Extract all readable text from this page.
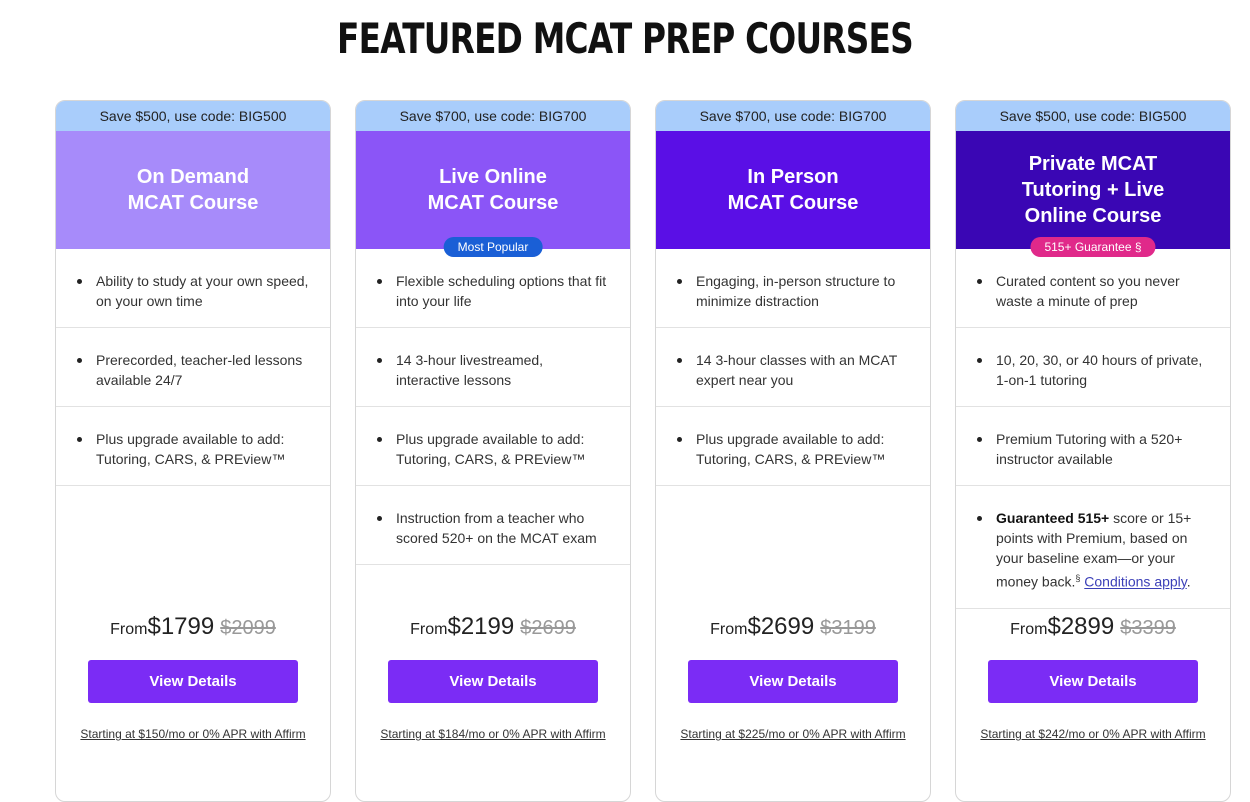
FEATURED MCAT PREP COURSES
Save $500, use code: BIG500
On Demand
MCAT Course
Ability to study at your own speed, on your own time
Prerecorded, teacher-led lessons available 24/7
Plus upgrade available to add: Tutoring, CARS, & PREview™
From$1799 $2099
View Details
Starting at $150/mo or 0% APR with Affirm
Save $700, use code: BIG700
Live Online
MCAT Course
Most Popular
Flexible scheduling options that fit into your life
14 3-hour livestreamed, interactive lessons
Plus upgrade available to add: Tutoring, CARS, & PREview™
Instruction from a teacher who scored 520+ on the MCAT exam
From$2199 $2699
View Details
Starting at $184/mo or 0% APR with Affirm
Save $700, use code: BIG700
In Person
MCAT Course
Engaging, in-person structure to minimize distraction
14 3-hour classes with an MCAT expert near you
Plus upgrade available to add: Tutoring, CARS, & PREview™
From$2699 $3199
View Details
Starting at $225/mo or 0% APR with Affirm
Save $500, use code: BIG500
Private MCAT
Tutoring + Live
Online Course
515+ Guarantee §
Curated content so you never waste a minute of prep
10, 20, 30, or 40 hours of private, 1-on-1 tutoring
Premium Tutoring with a 520+ instructor available
Guaranteed 515+ score or 15+ points with Premium, based on your baseline exam—or your money back.§ Conditions apply.
From$2899 $3399
View Details
Starting at $242/mo or 0% APR with Affirm
